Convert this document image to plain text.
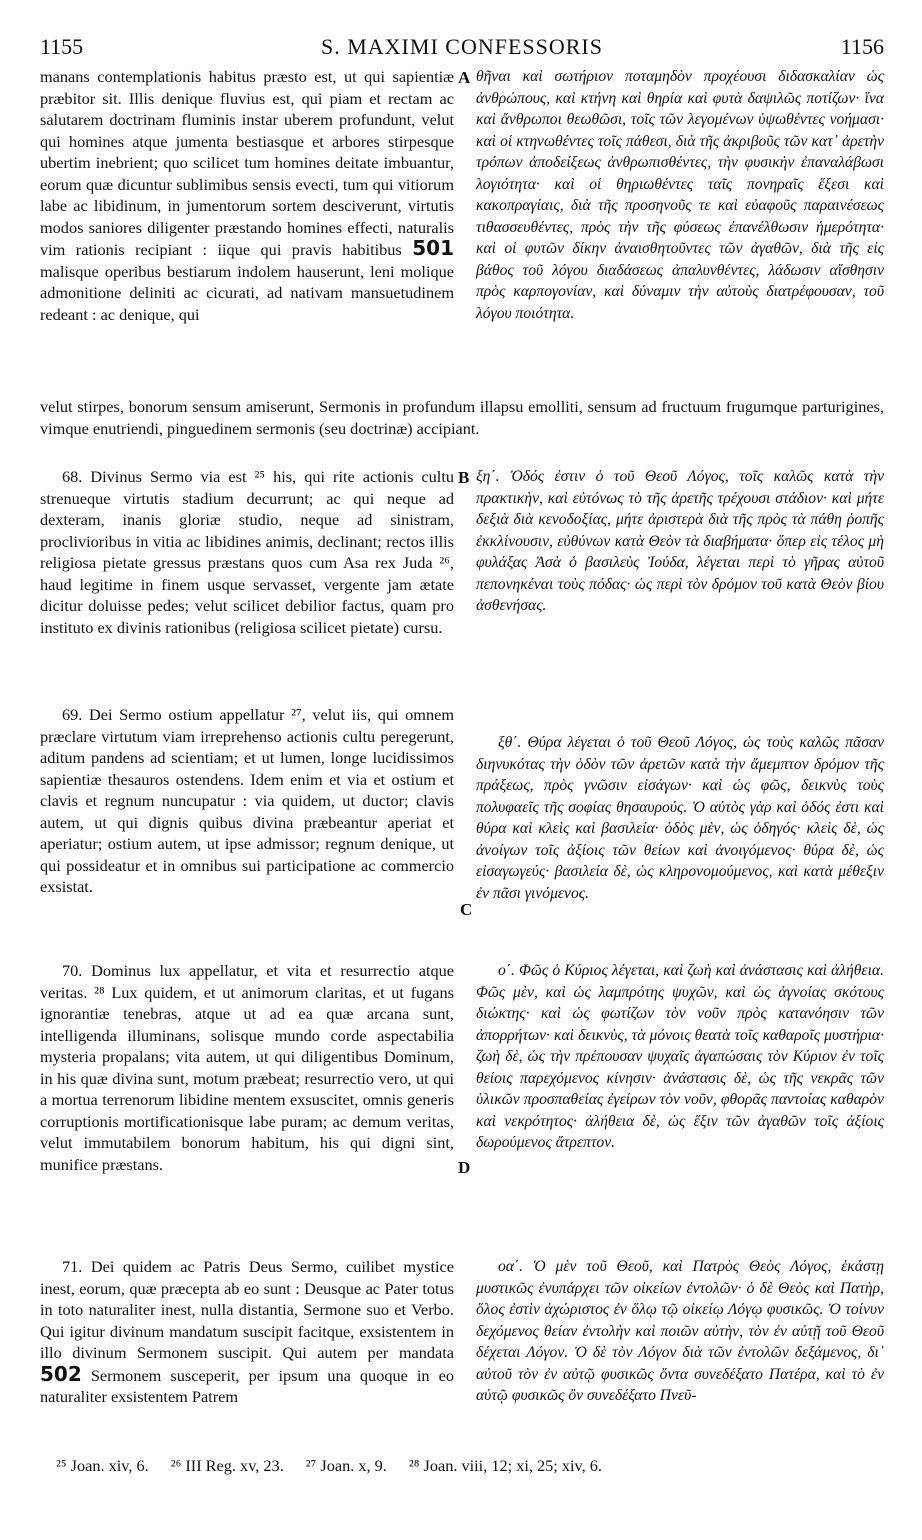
1155	S. MAXIMI CONFESSORIS	1156

manans contemplationis habitus præsto est, ut qui sapientiæ præbitor sit. Illis denique fluvius est, qui piam et rectam ac salutarem doctrinam fluminis instar uberem profundunt, velut qui homines atque jumenta bestiasque et arbores stirpesque ubertim inebrient; quo scilicet tum homines deitate imbuantur, eorum quæ dicuntur sublimibus sensis evecti, tum qui vitiorum labe ac libidinum, in jumentorum sortem desciverunt, virtutis modos saniores diligenter præstando homines effecti, naturalis vim rationis recipiant : iique qui pravis habitibus 501 malisque operibus bestiarum indolem hauserunt, leni molique admonitione deliniti ac cicurati, ad nativam mansuetudinem redeant : ac denique, qui

A θῆναι καὶ σωτήριον ποταμηδὸν προχέουσι διδασκαλίαν ὡς ἀνθρώπους, καὶ κτήνη καὶ θηρία καὶ φυτὰ δαψιλῶς ποτίζων· ἵνα καὶ ἄνθρωποι θεωθῶσι, τοῖς τῶν λεγομένων ὑψωθέντες νοήμασι· καὶ οἱ κτηνωθέντες τοῖς πάθεσι, διὰ τῆς ἀκριβοῦς τῶν κατ᾽ ἀρετὴν τρόπων ἀποδείξεως ἀνθρωπισθέντες, τὴν φυσικὴν ἐπαναλάβωσι λογιότητα· καὶ οἱ θηριωθέντες ταῖς πονηραῖς ἕξεσι καὶ κακοπραγίαις, διὰ τῆς προσηνοῦς τε καὶ εὐαφοῦς παραινέσεως τιθασσευθέντες, πρὸς τὴν τῆς φύσεως ἐπανέλθωσιν ἡμερότητα· καὶ οἱ φυτῶν δίκην ἀναισθητοῦντες τῶν ἀγαθῶν, διὰ τῆς εἰς βάθος τοῦ λόγου διαδάσεως ἀπαλυνθέντες, λάδωσιν αἴσθησιν πρὸς καρπογονίαν, καὶ δύναμιν τὴν αὐτοὺς διατρέφουσαν, τοῦ λόγου ποιότητα.

velut stirpes, bonorum sensum amiserunt, Sermonis in profundum illapsu emolliti, sensum ad fructuum frugumque parturigines, vimque enutriendi, pinguedinem sermonis (seu doctrinæ) accipiant.

68. Divinus Sermo via est ²⁵ his, qui rite actionis cultu strenueque virtutis stadium decurrunt; ac qui neque ad dexteram, inanis gloriæ studio, neque ad sinistram, proclivioribus in vitia ac libidines animis, declinant; rectos illis religiosa pietate gressus præstans quos cum Asa rex Juda ²⁶, haud legitime in finem usque servasset, vergente jam ætate dicitur doluisse pedes; velut scilicet debilior factus, quam pro instituto ex divinis rationibus (religiosa scilicet pietate) cursu.

B ξη΄. Ὁδός ἐστιν ὁ τοῦ Θεοῦ Λόγος, τοῖς καλῶς κατὰ τὴν πρακτικὴν, καὶ εὐτόνως τὸ τῆς ἀρετῆς τρέχουσι στάδιον· καὶ μήτε δεξιὰ διὰ κενοδοξίας, μήτε ἀριστερὰ διὰ τῆς πρὸς τὰ πάθη ῥοπῆς ἐκκλίνουσιν, εὐθύνων κατὰ Θεὸν τὰ διαβήματα· ὅπερ εἰς τέλος μὴ φυλάξας Ἀσὰ ὁ βασιλεὺς Ἰούδα, λέγεται περὶ τὸ γῆρας αὐτοῦ πεπονηκέναι τοὺς πόδας· ὡς περὶ τὸν δρόμον τοῦ κατὰ Θεὸν βίου ἀσθενήσας.

69. Dei Sermo ostium appellatur ²⁷, velut iis, qui omnem præclare virtutum viam irreprehenso actionis cultu peregerunt, aditum pandens ad scientiam; et ut lumen, longe lucidissimos sapientiæ thesauros ostendens. Idem enim et via et ostium et clavis et regnum nuncupatur : via quidem, ut ductor; clavis autem, ut qui dignis quibus divina præbeantur aperiat et aperiatur; ostium autem, ut ipse admissor; regnum denique, ut qui possideatur et in omnibus sui participatione ac commercio exsistat.

C

ξθ΄. Θύρα λέγεται ὁ τοῦ Θεοῦ Λόγος, ὡς τοὺς καλῶς πᾶσαν διηνυκότας τὴν ὁδὸν τῶν ἀρετῶν κατὰ τὴν ἄμεμπτον δρόμον τῆς πράξεως, πρὸς γνῶσιν εἰσάγων· καὶ ὡς φῶς, δεικνὺς τοὺς πολυφαεῖς τῆς σοφίας θησαυρούς. Ὁ αὐτὸς γὰρ καὶ ὁδός ἐστι καὶ θύρα καὶ κλεὶς καὶ βασιλεία· ὁδὸς μὲν, ὡς ὁδηγός· κλεὶς δὲ, ὡς ἀνοίγων τοῖς ἀξίοις τῶν θείων καὶ ἀνοιγόμενος· θύρα δὲ, ὡς εἰσαγωγεύς· βασιλεία δὲ, ὡς κληρονομούμενος, καὶ κατὰ μέθεξιν ἐν πᾶσι γινόμενος.

70. Dominus lux appellatur, et vita et resurrectio atque veritas. ²⁸ Lux quidem, et ut animorum claritas, et ut fugans ignorantiæ tenebras, atque ut ad ea quæ arcana sunt, intelligenda illuminans, solisque mundo corde aspectabilia mysteria propalans; vita autem, ut qui diligentibus Dominum, in his quæ divina sunt, motum præbeat; resurrectio vero, ut qui a mortua terrenorum libidine mentem exsuscitet, omnis generis corruptionis mortificationisque labe puram; ac demum veritas, velut immutabilem bonorum habitum, his qui digni sint, munifice præstans.	D

ο΄. Φῶς ὁ Κύριος λέγεται, καὶ ζωὴ καὶ ἀνάστασις καὶ ἀλήθεια. Φῶς μὲν, καὶ ὡς λαμπρότης ψυχῶν, καὶ ὡς ἀγνοίας σκότους διώκτης· καὶ ὡς φωτίζων τὸν νοῦν πρὸς κατανόησιν τῶν ἀπορρήτων· καὶ δεικνὺς, τὰ μόνοις θεατὰ τοῖς καθαροῖς μυστήρια· ζωὴ δὲ, ὡς τὴν πρέπουσαν ψυχαῖς ἀγαπώσαις τὸν Κύριον ἐν τοῖς θείοις παρεχόμενος κίνησιν· ἀνάστασις δὲ, ὡς τῆς νεκρᾶς τῶν ὑλικῶν προσπαθείας ἐγείρων τὸν νοῦν, φθορᾶς παντοίας καθαρὸν καὶ νεκρότητος· ἀλήθεια δὲ, ὡς ἕξιν τῶν ἀγαθῶν τοῖς ἀξίοις δωρούμενος ἄτρεπτον.

71. Dei quidem ac Patris Deus Sermo, cuilibet mystice inest, eorum, quæ præcepta ab eo sunt : Deusque ac Pater totus in toto naturaliter inest, nulla distantia, Sermone suo et Verbo. Qui igitur divinum mandatum suscipit facitque, exsistentem in illo divinum Sermonem suscipit. Qui autem per mandata 502 Sermonem susceperit, per ipsum una quoque in eo naturaliter exsistentem Patrem

οα΄. Ὁ μὲν τοῦ Θεοῦ, καὶ Πατρὸς Θεὸς Λόγος, ἑκάστῃ μυστικῶς ἐνυπάρχει τῶν οἰκείων ἐντολῶν· ὁ δὲ Θεὸς καὶ Πατὴρ, ὅλος ἐστὶν ἀχώριστος ἐν ὅλῳ τῷ οἰκείῳ Λόγῳ φυσικῶς. Ὁ τοίνυν δεχόμενος θείαν ἐντολὴν καὶ ποιῶν αὐτὴν, τὸν ἐν αὐτῇ τοῦ Θεοῦ δέχεται Λόγον. Ὁ δὲ τὸν Λόγον διὰ τῶν ἐντολῶν δεξάμενος, δι᾽ αὐτοῦ τὸν ἐν αὐτῷ φυσικῶς ὄντα συνεδέξατο Πατέρα, καὶ τὸ ἐν αὐτῷ φυσικῶς ὂν συνεδέξατο Πνεῦ-

²⁵ Joan. xiv, 6. ²⁶ III Reg. xv, 23. ²⁷ Joan. x, 9. ²⁸ Joan. viii, 12; xi, 25; xiv, 6.
